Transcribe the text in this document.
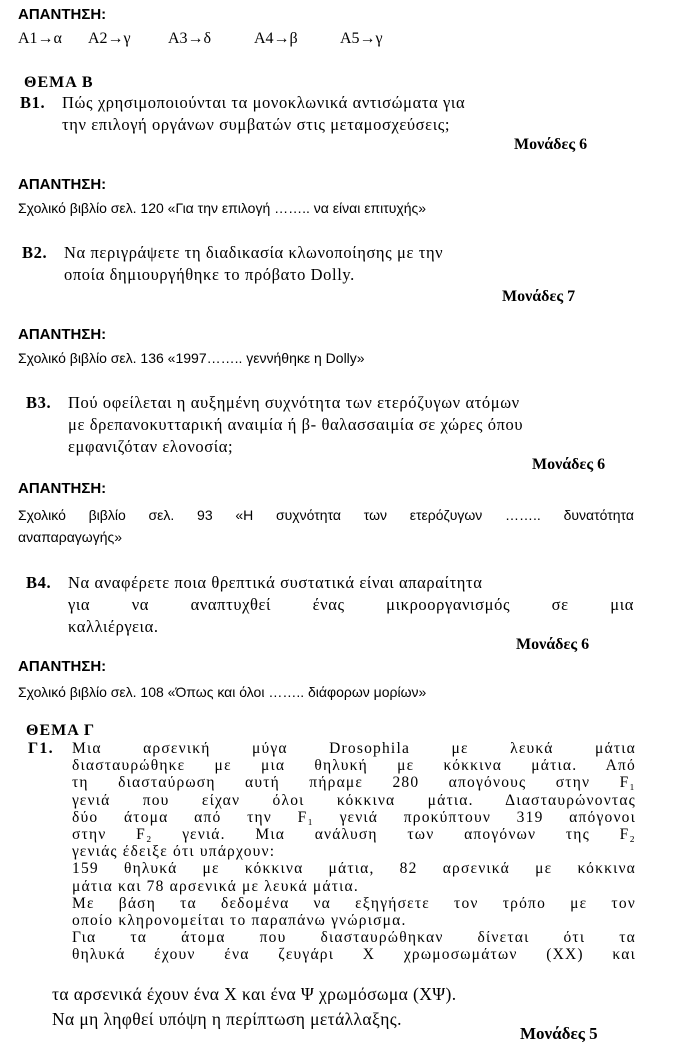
ΑΠΑΝΤΗΣΗ:
A1→α A2→γ A3→δ	A4→β	A5→γ
ΘΕΜΑ Β
Β1. Πώς χρησιμοποιούνται τα μονοκλωνικά αντισώματα για
την επιλογή οργάνων συμβατών στις μεταμοσχεύσεις;
Μονάδες 6
ΑΠΑΝΤΗΣΗ:
Σχολικό βιβλίο σελ. 120 «Για την επιλογή …….. να είναι επιτυχής»
Β2. Να περιγράψετε τη διαδικασία κλωνοποίησης με την
οποία δημιουργήθηκε το πρόβατο Dolly.
Μονάδες 7
ΑΠΑΝΤΗΣΗ:
Σχολικό βιβλίο σελ. 136 «1997…….. γεννήθηκε η Dolly»
Β3. Πού οφείλεται η αυξημένη συχνότητα των ετερόζυγων ατόμων
με δρεπανοκυτταρική αναιμία ή β- θαλασσαιμία σε χώρες όπου
εμφανιζόταν ελονοσία;
Μονάδες 6
ΑΠΑΝΤΗΣΗ:
Σχολικό βιβλίο σελ. 93 «Η συχνότητα των ετερόζυγων …….. δυνατότητα
αναπαραγωγής»
Β4. Να αναφέρετε ποια θρεπτικά συστατικά είναι απαραίτητα
για να αναπτυχθεί ένας μικροοργανισμός σε μια
καλλιέργεια.
Μονάδες 6
ΑΠΑΝΤΗΣΗ:
Σχολικό βιβλίο σελ. 108 «Όπως και όλοι …….. διάφορων μορίων»
ΘΕΜΑ Γ
Γ1. Μια αρσενική μύγα Drosophila με λευκά μάτια
διασταυρώθηκε με μια θηλυκή με κόκκινα μάτια. Από
τη διασταύρωση αυτή πήραμε 280 απογόνους στην F₁
γενιά που είχαν όλοι κόκκινα μάτια. Διασταυρώνοντας
δύο άτομα από την F₁ γενιά προκύπτουν 319 απόγονοι
στην F₂ γενιά. Μια ανάλυση των απογόνων της F₂
γενιάς έδειξε ότι υπάρχουν:
159 θηλυκά με κόκκινα μάτια, 82 αρσενικά με κόκκινα
μάτια και 78 αρσενικά με λευκά μάτια.
Με βάση τα δεδομένα να εξηγήσετε τον τρόπο με τον
οποίο κληρονομείται το παραπάνω γνώρισμα.
Για τα άτομα που διασταυρώθηκαν δίνεται ότι τα
θηλυκά έχουν ένα ζευγάρι Χ χρωμοσωμάτων (ΧΧ) και
τα αρσενικά έχουν ένα Χ και ένα Ψ χρωμόσωμα (ΧΨ).
Να μη ληφθεί υπόψη η περίπτωση μετάλλαξης.
Μονάδες 5
